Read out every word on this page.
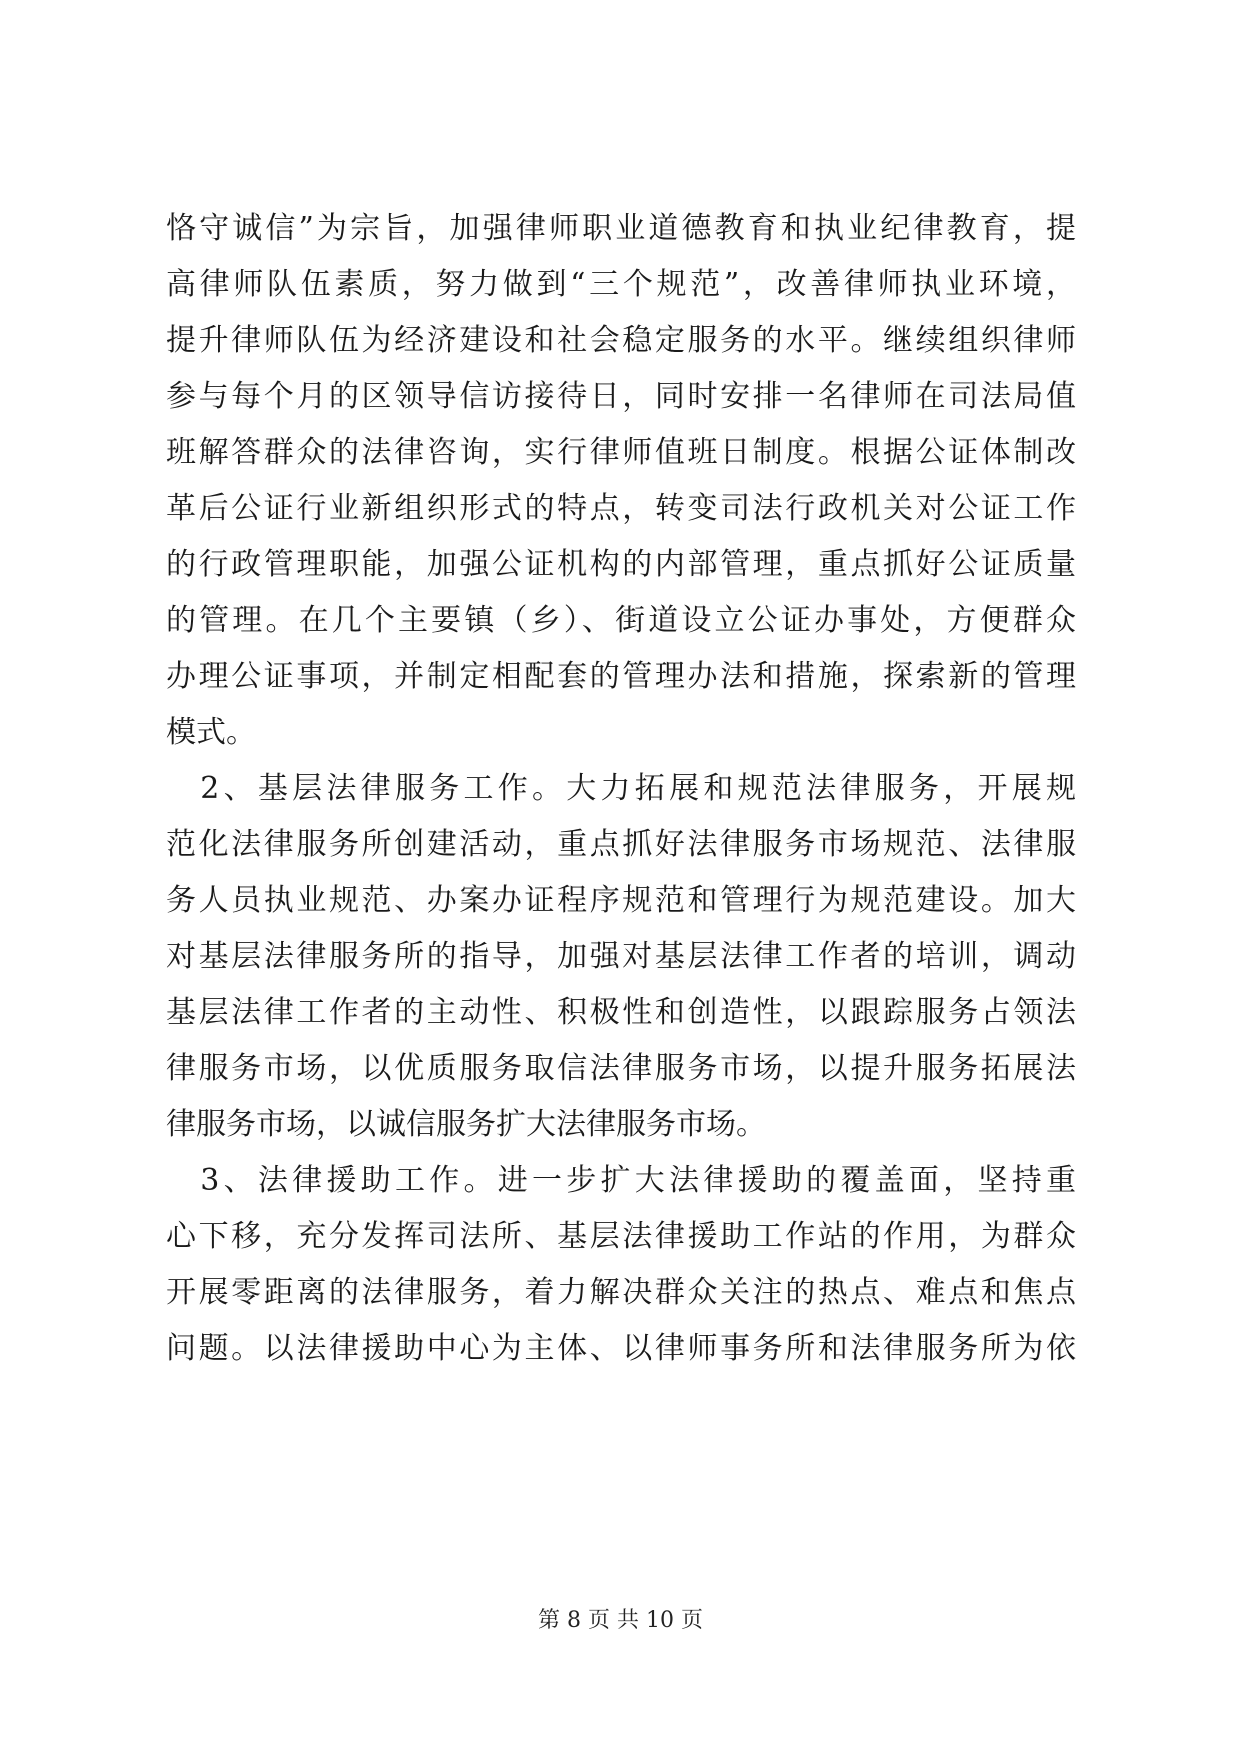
恪守诚信”为宗旨，加强律师职业道德教育和执业纪律教育，提
高律师队伍素质，努力做到“三个规范”，改善律师执业环境，
提升律师队伍为经济建设和社会稳定服务的水平。继续组织律师
参与每个月的区领导信访接待日，同时安排一名律师在司法局值
班解答群众的法律咨询，实行律师值班日制度。根据公证体制改
革后公证行业新组织形式的特点，转变司法行政机关对公证工作
的行政管理职能，加强公证机构的内部管理，重点抓好公证质量
的管理。在几个主要镇（乡）、街道设立公证办事处，方便群众
办理公证事项，并制定相配套的管理办法和措施，探索新的管理
模式。
　2、基层法律服务工作。大力拓展和规范法律服务，开展规
范化法律服务所创建活动，重点抓好法律服务市场规范、法律服
务人员执业规范、办案办证程序规范和管理行为规范建设。加大
对基层法律服务所的指导，加强对基层法律工作者的培训，调动
基层法律工作者的主动性、积极性和创造性，以跟踪服务占领法
律服务市场，以优质服务取信法律服务市场，以提升服务拓展法
律服务市场，以诚信服务扩大法律服务市场。
　3、法律援助工作。进一步扩大法律援助的覆盖面，坚持重
心下移，充分发挥司法所、基层法律援助工作站的作用，为群众
开展零距离的法律服务，着力解决群众关注的热点、难点和焦点
问题。以法律援助中心为主体、以律师事务所和法律服务所为依
第 8 页 共 10 页
